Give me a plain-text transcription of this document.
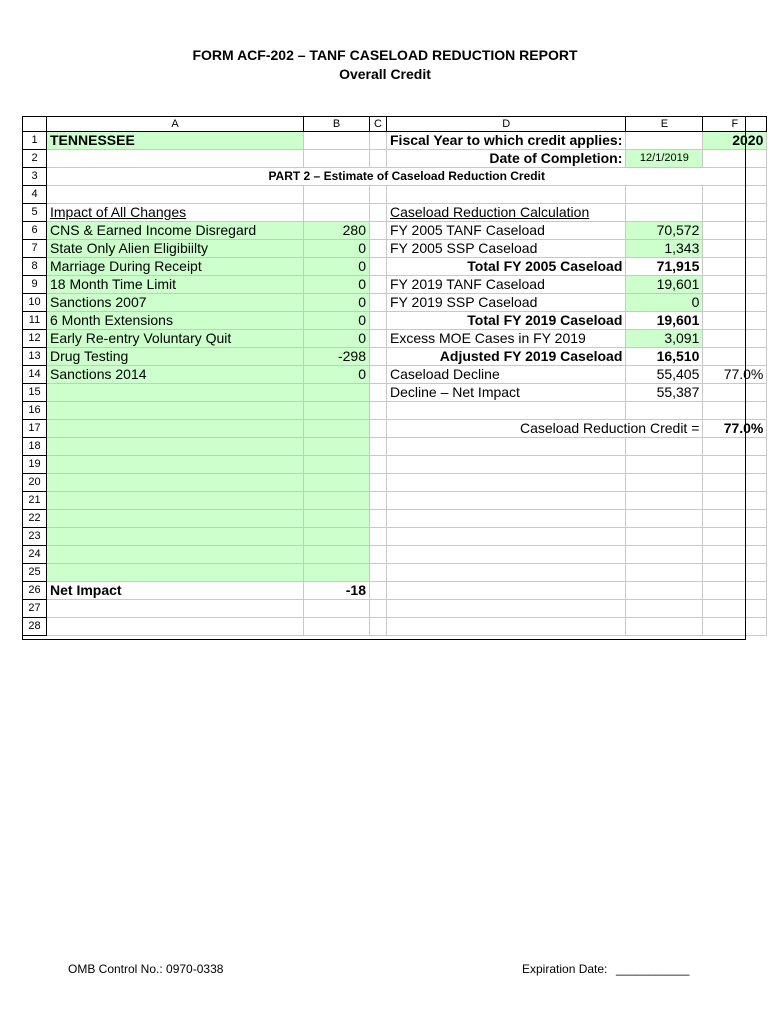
FORM ACF-202 – TANF CASELOAD REDUCTION REPORT
Overall Credit
	A	B	C	D	E	F
1	TENNESSEE			Fiscal Year to which credit applies:		2020
2				Date of Completion:	12/1/2019	
3	PART 2 – Estimate of Caseload Reduction Credit					
4						
5	Impact of All Changes			Caseload Reduction Calculation		
6	CNS & Earned Income Disregard	280		FY 2005 TANF Caseload	70,572	
7	State Only Alien Eligibiilty	0		FY 2005 SSP Caseload	1,343	
8	Marriage During Receipt	0		Total FY 2005 Caseload	71,915	
9	18 Month Time Limit	0		FY 2019 TANF Caseload	19,601	
10	Sanctions 2007	0		FY 2019 SSP Caseload	0	
11	6 Month Extensions	0		Total FY 2019 Caseload	19,601	
12	Early Re-entry Voluntary Quit	0		Excess MOE Cases in FY 2019	3,091	
13	Drug Testing	-298		Adjusted FY 2019 Caseload	16,510	
14	Sanctions 2014	0		Caseload Decline	55,405	77.0%
15				Decline – Net Impact	55,387	
16						
17				Caseload Reduction Credit =		77.0%
18						
19						
20						
21						
22						
23						
24						
25						
26	Net Impact	-18				
27						
28						
OMB Control No.: 0970-0338	Expiration Date: ___________
